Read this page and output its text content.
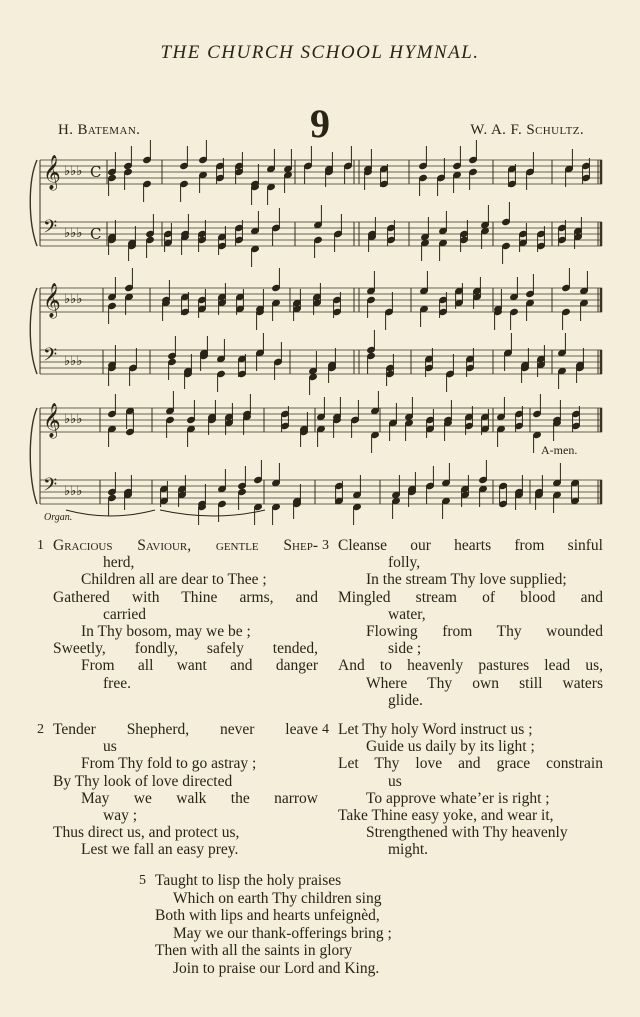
THE CHURCH SCHOOL HYMNAL.
9
H. Bateman.	W. A. F. Schultz.
𝄞 ♭♭♭ C
𝄢 ♭♭♭ C
𝄞 ♭♭♭
𝄢 ♭♭♭
𝄞 ♭♭♭
𝄢 ♭♭♭
A-men.
Organ.
1 Gracious Saviour, gentle Shep-
herd,
Children all are dear to Thee ;
Gathered with Thine arms, and
carried
In Thy bosom, may we be ;
Sweetly, fondly, safely tended,
From all want and danger
free.
2 Tender Shepherd, never leave
us
From Thy fold to go astray ;
By Thy look of love directed
May we walk the narrow
way ;
Thus direct us, and protect us,
Lest we fall an easy prey.
3 Cleanse our hearts from sinful
folly,
In the stream Thy love supplied;
Mingled stream of blood and
water,
Flowing from Thy wounded
side ;
And to heavenly pastures lead us,
Where Thy own still waters
glide.
4 Let Thy holy Word instruct us ;
Guide us daily by its light ;
Let Thy love and grace constrain
us
To approve whate’er is right ;
Take Thine easy yoke, and wear it,
Strengthened with Thy heavenly
might.
5 Taught to lisp the holy praises
Which on earth Thy children sing
Both with lips and hearts unfeignèd,
May we our thank-offerings bring ;
Then with all the saints in glory
Join to praise our Lord and King.
